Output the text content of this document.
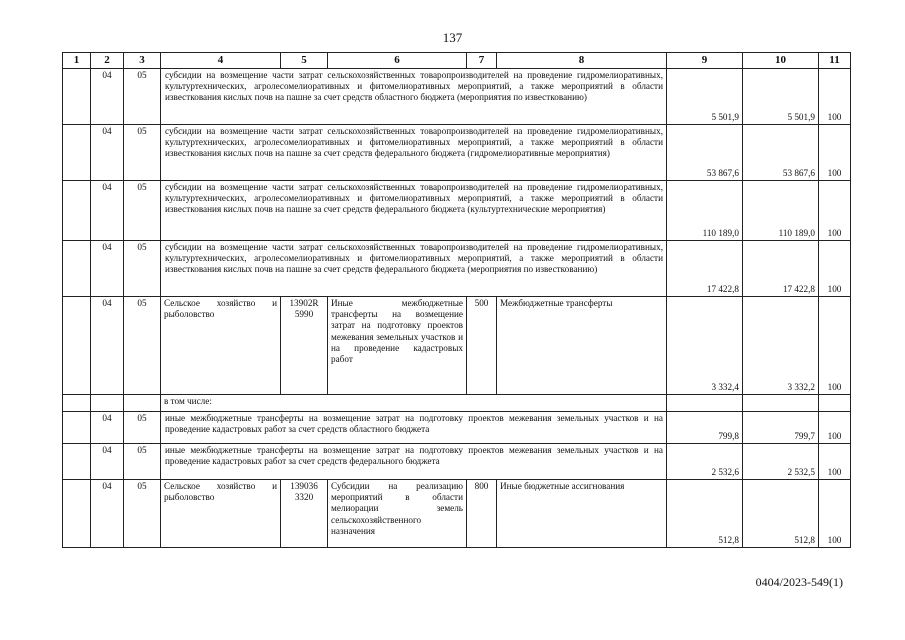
137
1	2	3	4	5	6	7	8	9	10	11
	04	05	субсидии на возмещение части затрат сельскохозяйственных товаропроизводителей на проведение гидромелиоративных, культуртехнических, агролесомелиоративных и фитомелиоративных мероприятий, а также мероприятий в области известкования кислых почв на пашне за счет средств областного бюджета (мероприятия по известкованию)					5 501,9	5 501,9	100
	04	05	субсидии на возмещение части затрат сельскохозяйственных товаропроизводителей на проведение гидромелиоративных, культуртехнических, агролесомелиоративных и фитомелиоративных мероприятий, а также мероприятий в области известкования кислых почв на пашне за счет средств федерального бюджета (гидромелиоративные мероприятия)					53 867,6	53 867,6	100
	04	05	субсидии на возмещение части затрат сельскохозяйственных товаропроизводителей на проведение гидромелиоративных, культуртехнических, агролесомелиоративных и фитомелиоративных мероприятий, а также мероприятий в области известкования кислых почв на пашне за счет средств федерального бюджета (культуртехнические мероприятия)					110 189,0	110 189,0	100
	04	05	субсидии на возмещение части затрат сельскохозяйственных товаропроизводителей на проведение гидромелиоративных, культуртехнических, агролесомелиоративных и фитомелиоративных мероприятий, а также мероприятий в области известкования кислых почв на пашне за счет средств федерального бюджета (мероприятия по известкованию)					17 422,8	17 422,8	100
	04	05	Сельское хозяйство и рыболовство	13902R 5990	Иные межбюджетные трансферты на возмещение затрат на подготовку проектов межевания земельных участков и на проведение кадастровых работ	500	Межбюджетные трансферты	3 332,4	3 332,2	100
			в том числе:							
	04	05	иные межбюджетные трансферты на возмещение затрат на подготовку проектов межевания земельных участков и на проведение кадастровых работ за счет средств областного бюджета					799,8	799,7	100
	04	05	иные межбюджетные трансферты на возмещение затрат на подготовку проектов межевания земельных участков и на проведение кадастровых работ за счет средств федерального бюджета					2 532,6	2 532,5	100
	04	05	Сельское хозяйство и рыболовство	139036 3320	Субсидии на реализацию мероприятий в области мелиорации земель сельскохозяйственного назначения	800	Иные бюджетные ассигнования	512,8	512,8	100
0404/2023-549(1)
